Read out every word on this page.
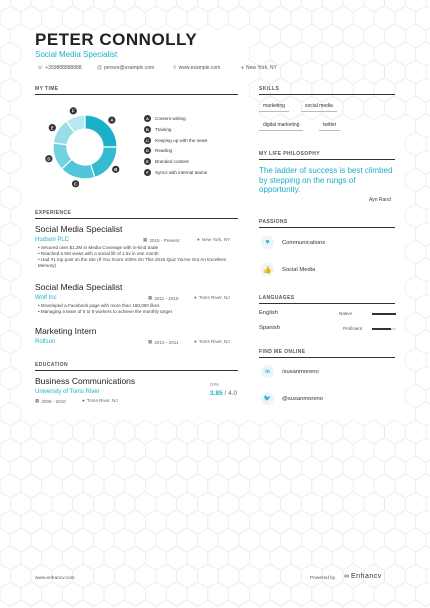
PETER CONNOLLY
Social Media Specialist
☏ +359888888888	@ person@example.com	⚲ www.example.com	● New York, NY
MY TIME
A
B
C
D
E
F
A	Content writing
B	Training
C	Keeping up with the news
D	Reading
E	Branded content
F	Syncs with internal teams
EXPERIENCE
Social Media Specialist
Hudson PLC	▦ 2015 - Present	● New York, NY
• Secured over $1.2M in Media Coverage with in-kind trade
• Reached 5.5M views with a social lift of 1.5x in one month
• Had #1 top post on the site (If You Score 100% On This 2015 Quiz You've Got An Excellent Memory)
Social Media Specialist
Wolf Inc	▦ 2011 - 2015	● Toms River, NJ
• Developed a Facebook page with more than 160,000 likes
• Managing a team of 5 to 8 workers to achieve the monthly target
Marketing Intern
Rolfson	▦ 2010 - 2011	● Toms River, NJ
EDUCATION
Business Communications
University of Toms River
▦ 2006 - 2010	● Toms River, NJ
GPA
3.85 / 4.0
SKILLS
marketing	social media
digital marketing	twitter
MY LIFE PHILOSOPHY
The ladder of success is best climbed by stepping on the rungs of opportunity.
Ayn Rand
PASSIONS
♥	Communications
👍	Social Media
LANGUAGES
English	Native
Spanish	Proficient
FIND ME ONLINE
in	/susanmoreno
🐦	@susanmoreno
www.enhancv.com	Powered by ∞ Enhancv
